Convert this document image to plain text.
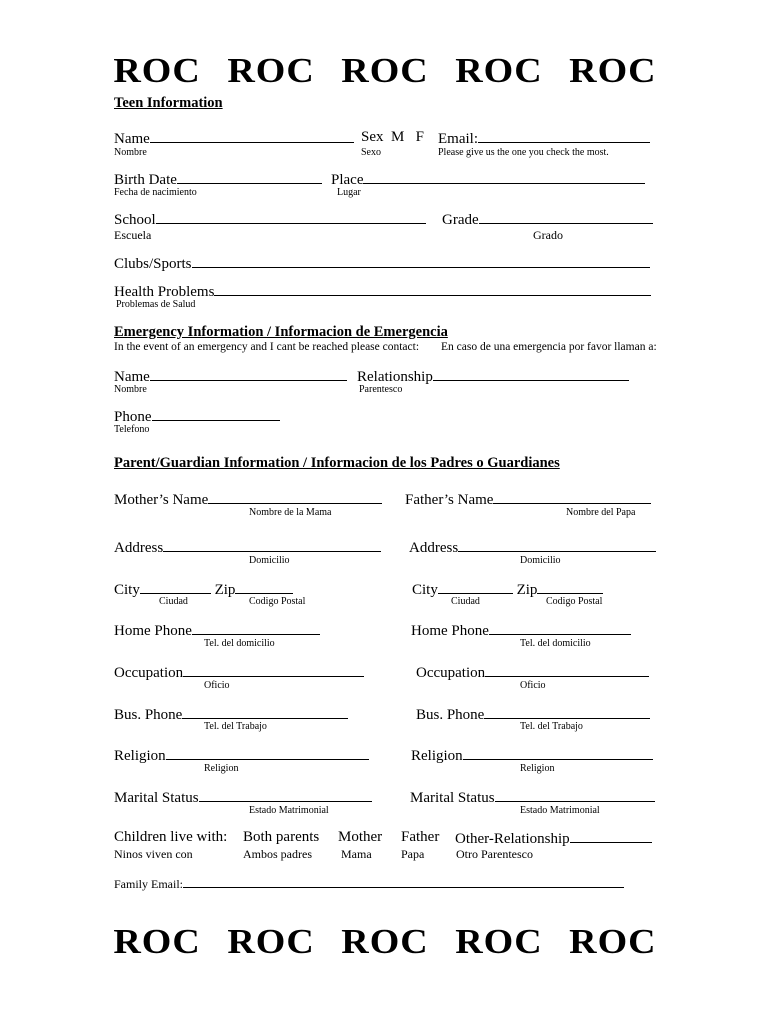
ROC ROC ROC ROC ROC
Teen Information
Name
Nombre
Sex M F
Sexo
Email:
Please give us the one you check the most.
Birth Date
Fecha de nacimiento
Place
Lugar
School
Escuela
Grade
Grado
Clubs/Sports
Health Problems
Problemas de Salud
Emergency Information / Informacion de Emergencia
In the event of an emergency and I cant be reached please contact: En caso de una emergencia por favor llaman a:
Name
Nombre
Relationship
Parentesco
Phone
Telefono
Parent/Guardian Information / Informacion de los Padres o Guardianes
Mother’s Name
Nombre de la Mama
Father’s Name
Nombre del Papa
Address
Domicilio
Address
Domicilio
City	Zip
Ciudad	Codigo Postal
City	Zip
Ciudad	Codigo Postal
Home Phone
Tel. del domicilio
Home Phone
Tel. del domicilio
Occupation
Oficio
Occupation
Oficio
Bus. Phone
Tel. del Trabajo
Bus. Phone
Tel. del Trabajo
Religion
Religion
Religion
Religion
Marital Status
Estado Matrimonial
Marital Status
Estado Matrimonial
Children live with:
Ninos viven con
Both parents
Ambos padres
Mother
Mama
Father
Papa
Other-Relationship
Otro Parentesco
Family Email:
ROC ROC ROC ROC ROC
